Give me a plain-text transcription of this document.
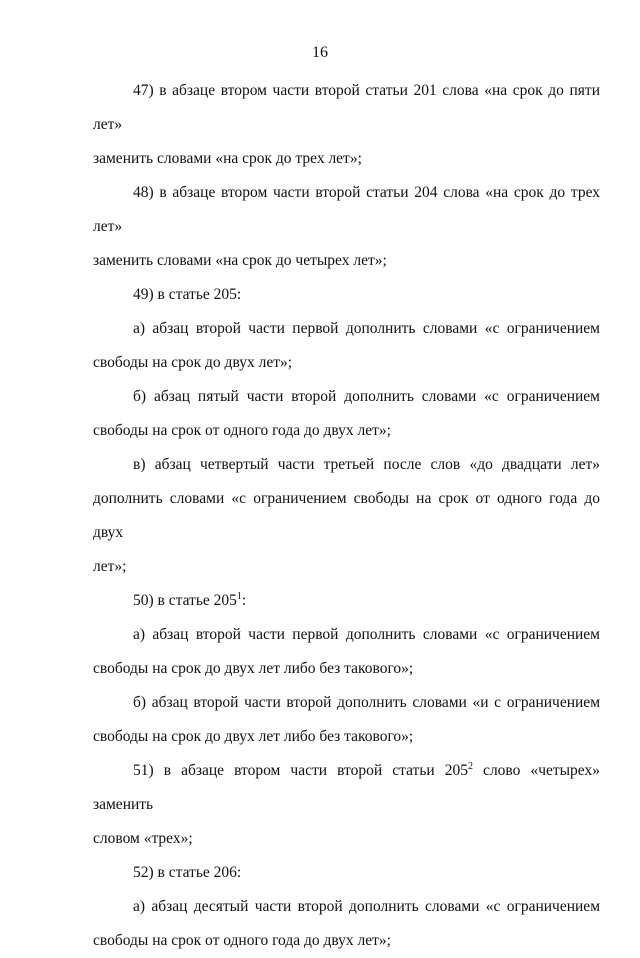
16

47) в абзаце втором части второй статьи 201 слова «на срок до пяти лет»
заменить словами «на срок до трех лет»;

48) в абзаце втором части второй статьи 204 слова «на срок до трех лет»
заменить словами «на срок до четырех лет»;

49) в статье 205:

а) абзац второй части первой дополнить словами «с ограничением
свободы на срок до двух лет»;

б) абзац пятый части второй дополнить словами «с ограничением
свободы на срок от одного года до двух лет»;

в) абзац четвертый части третьей после слов «до двадцати лет»
дополнить словами «с ограничением свободы на срок от одного года до двух
лет»;

50) в статье $205^1$:

а) абзац второй части первой дополнить словами «с ограничением
свободы на срок до двух лет либо без такового»;

б) абзац второй части второй дополнить словами «и с ограничением
свободы на срок до двух лет либо без такового»;

51) в абзаце втором части второй статьи $205^2$ слово «четырех» заменить
словом «трех»;

52) в статье 206:

а) абзац десятый части второй дополнить словами «с ограничением
свободы на срок от одного года до двух лет»;
